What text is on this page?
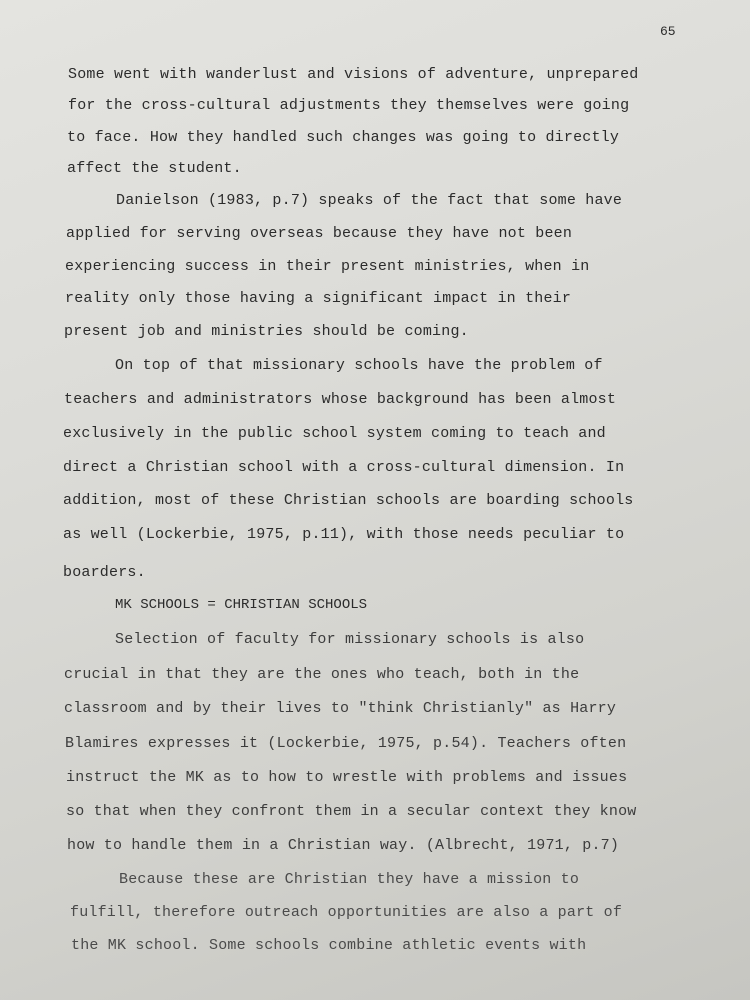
65
Some went with wanderlust and visions of adventure, unprepared
for the cross-cultural adjustments they themselves were going
to face. How they handled such changes was going to directly
affect the student.
Danielson (1983, p.7) speaks of the fact that some have
applied for serving overseas because they have not been
experiencing success in their present ministries, when in
reality only those having a significant impact in their
present job and ministries should be coming.
On top of that missionary schools have the problem of
teachers and administrators whose background has been almost
exclusively in the public school system coming to teach and
direct a Christian school with a cross-cultural dimension. In
addition, most of these Christian schools are boarding schools
as well (Lockerbie, 1975, p.11), with those needs peculiar to
boarders.
MK SCHOOLS = CHRISTIAN SCHOOLS
Selection of faculty for missionary schools is also
crucial in that they are the ones who teach, both in the
classroom and by their lives to "think Christianly" as Harry
Blamires expresses it (Lockerbie, 1975, p.54). Teachers often
instruct the MK as to how to wrestle with problems and issues
so that when they confront them in a secular context they know
how to handle them in a Christian way. (Albrecht, 1971, p.7)
Because these are Christian they have a mission to
fulfill, therefore outreach opportunities are also a part of
the MK school. Some schools combine athletic events with
